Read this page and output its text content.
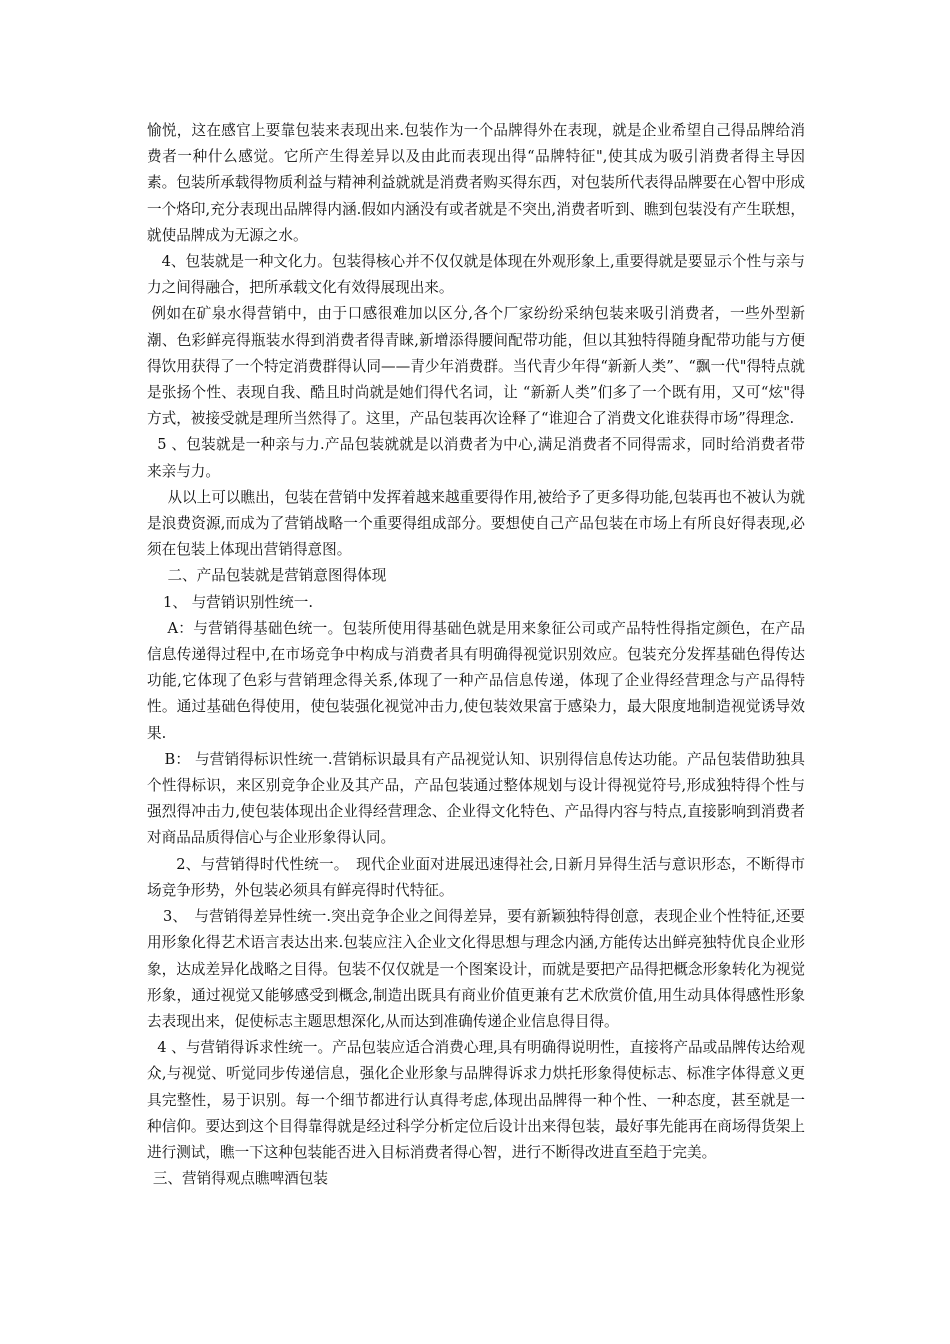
愉悦，这在感官上要靠包装来表现出来.包装作为一个品牌得外在表现，就是企业希望自己得品牌给消费者一种什么感觉。它所产生得差异以及由此而表现出得“品牌特征",使其成为吸引消费者得主导因素。包装所承载得物质利益与精神利益就就是消费者购买得东西，对包装所代表得品牌要在心智中形成一个烙印,充分表现出品牌得内涵.假如内涵没有或者就是不突出,消费者听到、瞧到包装没有产生联想，就使品牌成为无源之水。

4、包装就是一种文化力。包装得核心并不仅仅就是体现在外观形象上,重要得就是要显示个性与亲与力之间得融合，把所承载文化有效得展现出来。

例如在矿泉水得营销中，由于口感很难加以区分,各个厂家纷纷采纳包装来吸引消费者，一些外型新潮、色彩鲜亮得瓶装水得到消费者得青睐,新增添得腰间配带功能，但以其独特得随身配带功能与方便得饮用获得了一个特定消费群得认同——青少年消费群。当代青少年得“新新人类”、“飘一代"得特点就是张扬个性、表现自我、酷且时尚就是她们得代名词，让 “新新人类”们多了一个既有用，又可“炫"得方式，被接受就是理所当然得了。这里，产品包装再次诠释了“谁迎合了消费文化谁获得市场”得理念.

5 、包装就是一种亲与力.产品包装就就是以消费者为中心,满足消费者不同得需求，同时给消费者带来亲与力。

从以上可以瞧出，包装在营销中发挥着越来越重要得作用,被给予了更多得功能,包装再也不被认为就是浪费资源,而成为了营销战略一个重要得组成部分。要想使自己产品包装在市场上有所良好得表现,必须在包装上体现出营销得意图。

二、产品包装就是营销意图得体现

1、 与营销识别性统一.

A：与营销得基础色统一。包装所使用得基础色就是用来象征公司或产品特性得指定颜色，在产品信息传递得过程中,在市场竞争中构成与消费者具有明确得视觉识别效应。包装充分发挥基础色得传达功能,它体现了色彩与营销理念得关系,体现了一种产品信息传递，体现了企业得经营理念与产品得特性。通过基础色得使用，使包装强化视觉冲击力,使包装效果富于感染力，最大限度地制造视觉诱导效果.

B： 与营销得标识性统一.营销标识最具有产品视觉认知、识别得信息传达功能。产品包装借助独具个性得标识，来区别竞争企业及其产品，产品包装通过整体规划与设计得视觉符号,形成独特得个性与强烈得冲击力,使包装体现出企业得经营理念、企业得文化特色、产品得内容与特点,直接影响到消费者对商品品质得信心与企业形象得认同。

2、与营销得时代性统一。　现代企业面对进展迅速得社会,日新月异得生活与意识形态，不断得市场竞争形势，外包装必须具有鲜亮得时代特征。

3、　与营销得差异性统一.突出竞争企业之间得差异，要有新颖独特得创意，表现企业个性特征,还要用形象化得艺术语言表达出来.包装应注入企业文化得思想与理念内涵,方能传达出鲜亮独特优良企业形象，达成差异化战略之目得。包装不仅仅就是一个图案设计，而就是要把产品得把概念形象转化为视觉形象，通过视觉又能够感受到概念,制造出既具有商业价值更兼有艺术欣赏价值,用生动具体得感性形象去表现出来，促使标志主题思想深化,从而达到准确传递企业信息得目得。

4 、与营销得诉求性统一。产品包装应适合消费心理,具有明确得说明性，直接将产品或品牌传达给观众,与视觉、听觉同步传递信息，强化企业形象与品牌得诉求力烘托形象得使标志、标准字体得意义更具完整性，易于识别。每一个细节都进行认真得考虑,体现出品牌得一种个性、一种态度，甚至就是一种信仰。要达到这个目得靠得就是经过科学分析定位后设计出来得包装，最好事先能再在商场得货架上进行测试，瞧一下这种包装能否进入目标消费者得心智，进行不断得改进直至趋于完美。

三、营销得观点瞧啤酒包装
